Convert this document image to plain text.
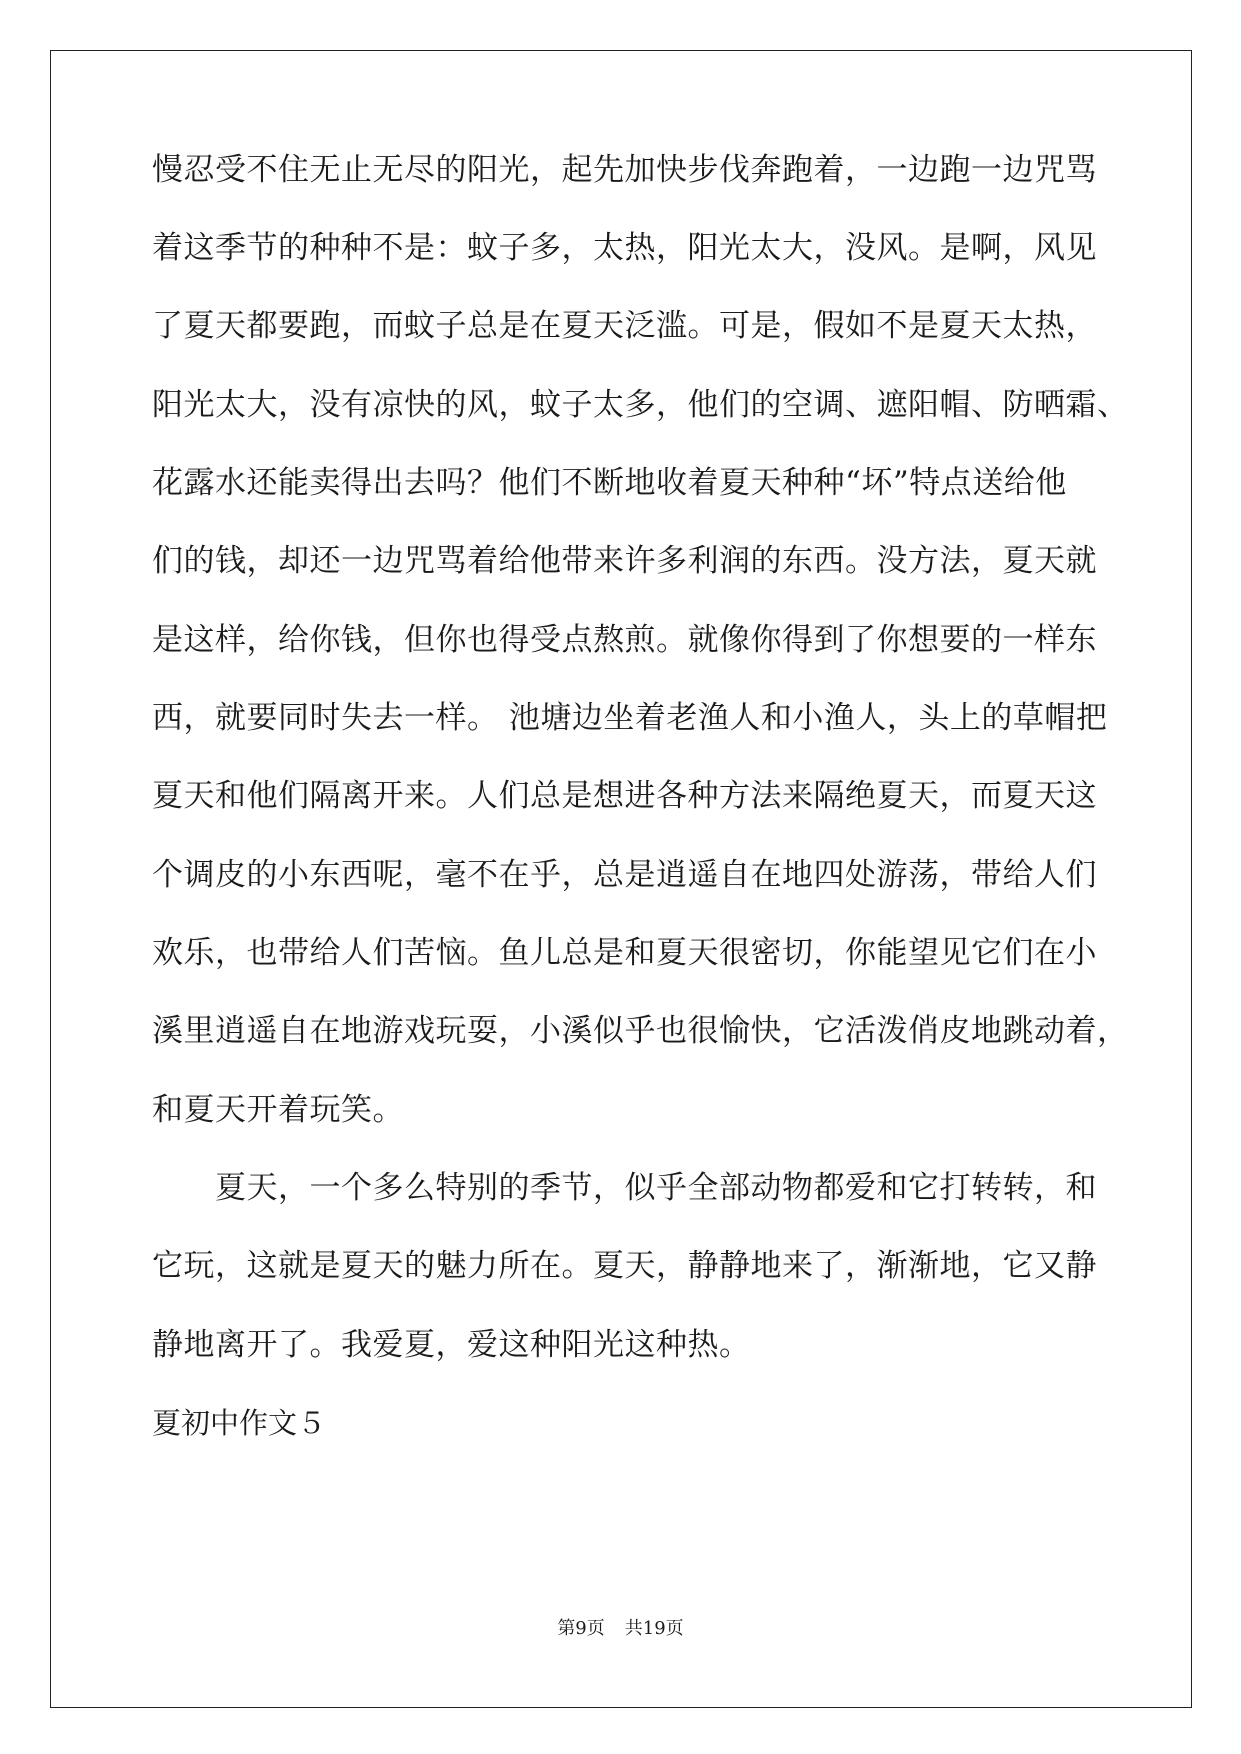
慢忍受不住无止无尽的阳光，起先加快步伐奔跑着，一边跑一边咒骂
着这季节的种种不是：蚊子多，太热，阳光太大，没风。是啊，风见
了夏天都要跑，而蚊子总是在夏天泛滥。可是，假如不是夏天太热，
阳光太大，没有凉快的风，蚊子太多，他们的空调、遮阳帽、防晒霜、
花露水还能卖得出去吗？他们不断地收着夏天种种“坏”特点送给他
们的钱，却还一边咒骂着给他带来许多利润的东西。没方法，夏天就
是这样，给你钱，但你也得受点熬煎。就像你得到了你想要的一样东
西，就要同时失去一样。 池塘边坐着老渔人和小渔人，头上的草帽把
夏天和他们隔离开来。人们总是想进各种方法来隔绝夏天，而夏天这
个调皮的小东西呢，毫不在乎，总是逍遥自在地四处游荡，带给人们
欢乐，也带给人们苦恼。鱼儿总是和夏天很密切，你能望见它们在小
溪里逍遥自在地游戏玩耍，小溪似乎也很愉快，它活泼俏皮地跳动着，
和夏天开着玩笑。
夏天，一个多么特别的季节，似乎全部动物都爱和它打转转，和
它玩，这就是夏天的魅力所在。夏天，静静地来了，渐渐地，它又静
静地离开了。我爱夏，爱这种阳光这种热。
夏初中作文５
第9页 共19页
